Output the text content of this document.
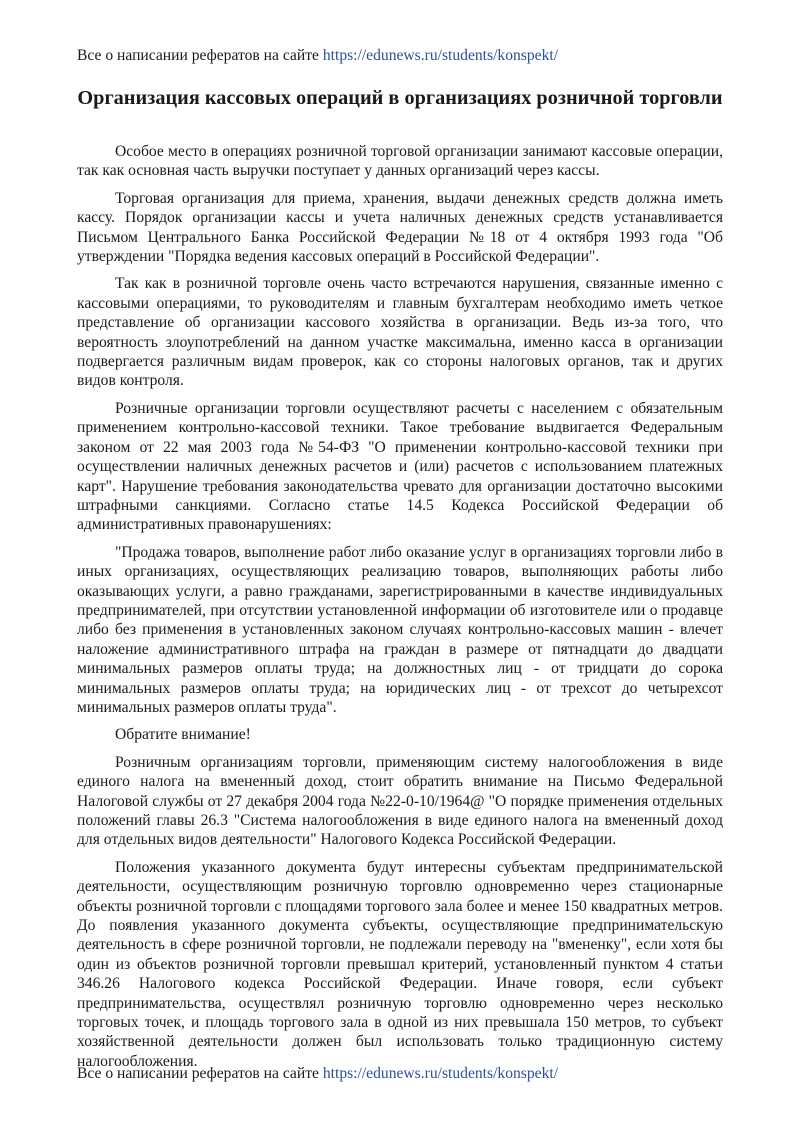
Все о написании рефератов на сайте https://edunews.ru/students/konspekt/
Организация кассовых операций в организациях розничной торговли

Особое место в операциях розничной торговой организации занимают кассовые операции, так как основная часть выручки поступает у данных организаций через кассы.

Торговая организация для приема, хранения, выдачи денежных средств должна иметь кассу. Порядок организации кассы и учета наличных денежных средств устанавливается Письмом Центрального Банка Российской Федерации №18 от 4 октября 1993 года "Об утверждении "Порядка ведения кассовых операций в Российской Федерации".

Так как в розничной торговле очень часто встречаются нарушения, связанные именно с кассовыми операциями, то руководителям и главным бухгалтерам необходимо иметь четкое представление об организации кассового хозяйства в организации. Ведь из-за того, что вероятность злоупотреблений на данном участке максимальна, именно касса в организации подвергается различным видам проверок, как со стороны налоговых органов, так и других видов контроля.

Розничные организации торговли осуществляют расчеты с населением с обязательным применением контрольно-кассовой техники. Такое требование выдвигается Федеральным законом от 22 мая 2003 года №54-ФЗ "О применении контрольно-кассовой техники при осуществлении наличных денежных расчетов и (или) расчетов с использованием платежных карт". Нарушение требования законодательства чревато для организации достаточно высокими штрафными санкциями. Согласно статье 14.5 Кодекса Российской Федерации об административных правонарушениях:

"Продажа товаров, выполнение работ либо оказание услуг в организациях торговли либо в иных организациях, осуществляющих реализацию товаров, выполняющих работы либо оказывающих услуги, а равно гражданами, зарегистрированными в качестве индивидуальных предпринимателей, при отсутствии установленной информации об изготовителе или о продавце либо без применения в установленных законом случаях контрольно-кассовых машин - влечет наложение административного штрафа на граждан в размере от пятнадцати до двадцати минимальных размеров оплаты труда; на должностных лиц - от тридцати до сорока минимальных размеров оплаты труда; на юридических лиц - от трехсот до четырехсот минимальных размеров оплаты труда".

Обратите внимание!

Розничным организациям торговли, применяющим систему налогообложения в виде единого налога на вмененный доход, стоит обратить внимание на Письмо Федеральной Налоговой службы от 27 декабря 2004 года №22-0-10/1964@ "О порядке применения отдельных положений главы 26.3 "Система налогообложения в виде единого налога на вмененный доход для отдельных видов деятельности" Налогового Кодекса Российской Федерации.

Положения указанного документа будут интересны субъектам предпринимательской деятельности, осуществляющим розничную торговлю одновременно через стационарные объекты розничной торговли с площадями торгового зала более и менее 150 квадратных метров. До появления указанного документа субъекты, осуществляющие предпринимательскую деятельность в сфере розничной торговли, не подлежали переводу на "вмененку", если хотя бы один из объектов розничной торговли превышал критерий, установленный пунктом 4 статьи 346.26 Налогового кодекса Российской Федерации. Иначе говоря, если субъект предпринимательства, осуществлял розничную торговлю одновременно через несколько торговых точек, и площадь торгового зала в одной из них превышала 150 метров, то субъект хозяйственной деятельности должен был использовать только традиционную систему налогообложения.

Все о написании рефератов на сайте https://edunews.ru/students/konspekt/
